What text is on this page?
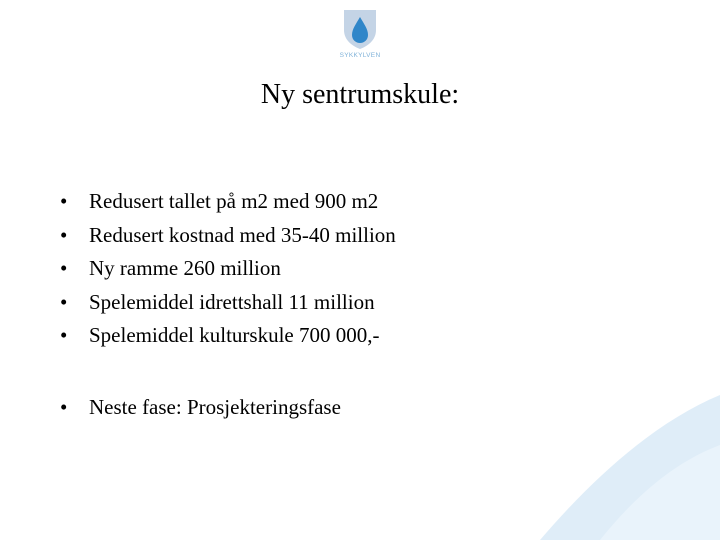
SYKKYLVEN
Ny sentrumskule:
• Redusert tallet på m2 med 900 m2
• Redusert kostnad med 35-40 million
• Ny ramme 260 million
• Spelemiddel idrettshall 11 million
• Spelemiddel kulturskule 700 000,-
• Neste fase: Prosjekteringsfase
